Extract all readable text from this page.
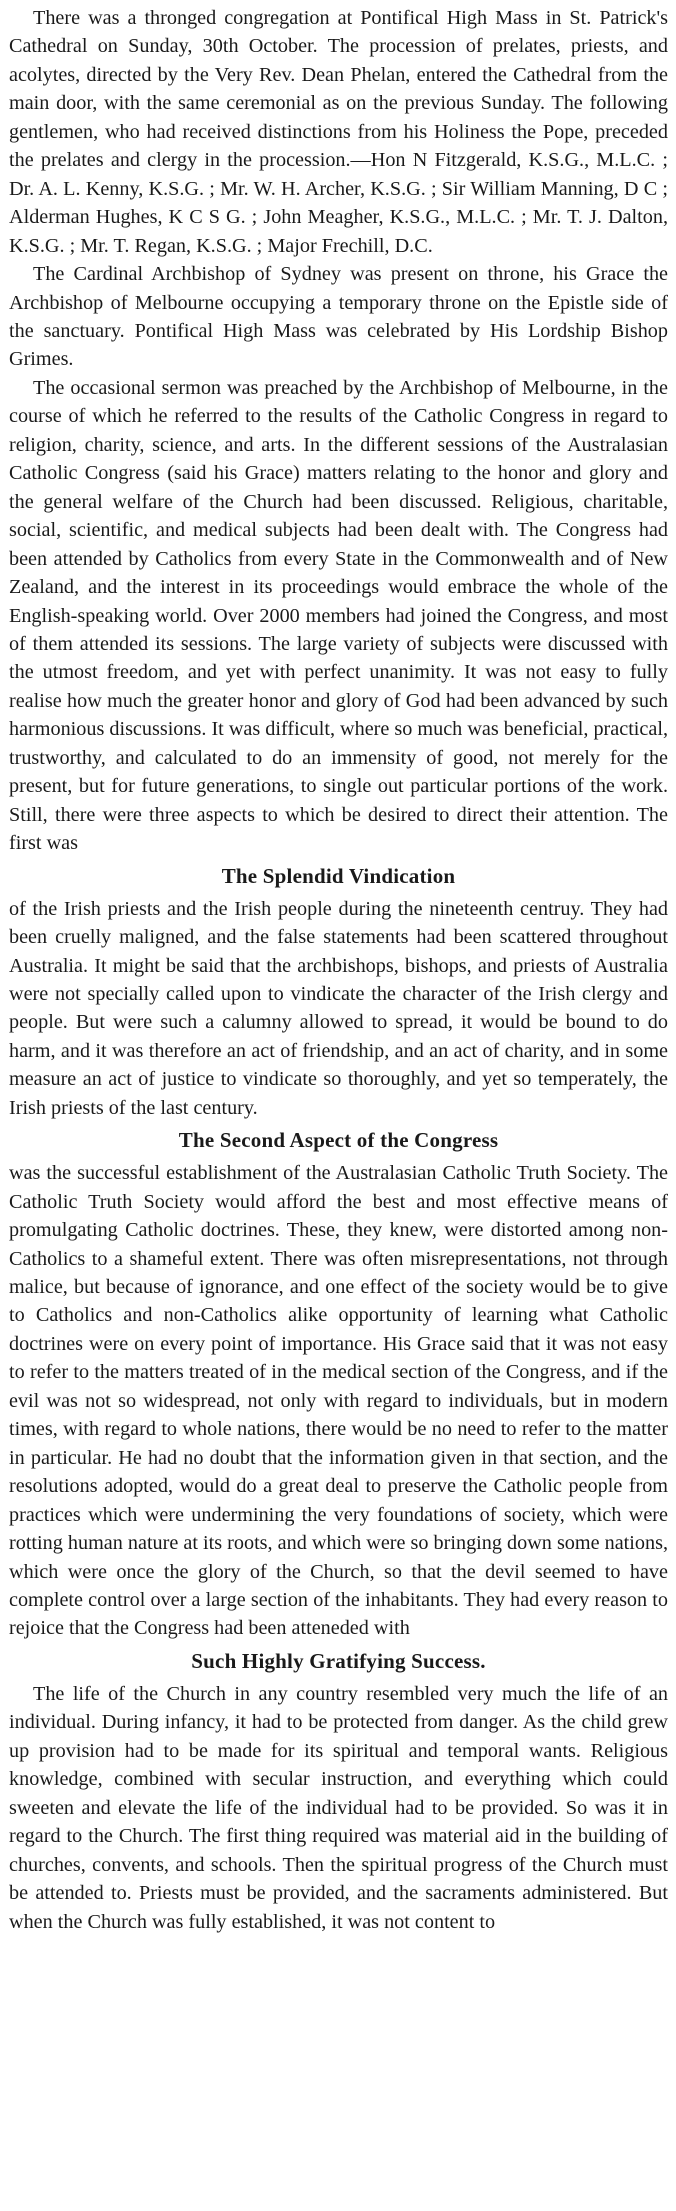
There was a thronged congregation at Pontifical High Mass in St. Patrick's Cathedral on Sunday, 30th October. The procession of prelates, priests, and acolytes, directed by the Very Rev. Dean Phelan, entered the Cathedral from the main door, with the same ceremonial as on the previous Sunday. The following gentlemen, who had received distinctions from his Holiness the Pope, preceded the prelates and clergy in the procession.—Hon N Fitzgerald, K.S.G., M.L.C. ; Dr. A. L. Kenny, K.S.G. ; Mr. W. H. Archer, K.S.G. ; Sir William Manning, D C ; Alderman Hughes, K C S G. ; John Meagher, K.S.G., M.L.C. ; Mr. T. J. Dalton, K.S.G. ; Mr. T. Regan, K.S.G. ; Major Frechill, D.C.

The Cardinal Archbishop of Sydney was present on throne, his Grace the Archbishop of Melbourne occupying a temporary throne on the Epistle side of the sanctuary. Pontifical High Mass was celebrated by His Lordship Bishop Grimes.

The occasional sermon was preached by the Archbishop of Melbourne, in the course of which he referred to the results of the Catholic Congress in regard to religion, charity, science, and arts. In the different sessions of the Australasian Catholic Congress (said his Grace) matters relating to the honor and glory and the general welfare of the Church had been discussed. Religious, charitable, social, scientific, and medical subjects had been dealt with. The Congress had been attended by Catholics from every State in the Commonwealth and of New Zealand, and the interest in its proceedings would embrace the whole of the English-speaking world. Over 2000 members had joined the Congress, and most of them attended its sessions. The large variety of subjects were discussed with the utmost freedom, and yet with perfect unanimity. It was not easy to fully realise how much the greater honor and glory of God had been advanced by such harmonious discussions. It was difficult, where so much was beneficial, practical, trustworthy, and calculated to do an immensity of good, not merely for the present, but for future generations, to single out particular portions of the work. Still, there were three aspects to which be desired to direct their attention. The first was

The Splendid Vindication

of the Irish priests and the Irish people during the nineteenth centruy. They had been cruelly maligned, and the false statements had been scattered throughout Australia. It might be said that the archbishops, bishops, and priests of Australia were not specially called upon to vindicate the character of the Irish clergy and people. But were such a calumny allowed to spread, it would be bound to do harm, and it was therefore an act of friendship, and an act of charity, and in some measure an act of justice to vindicate so thoroughly, and yet so temperately, the Irish priests of the last century.

The Second Aspect of the Congress

was the successful establishment of the Australasian Catholic Truth Society. The Catholic Truth Society would afford the best and most effective means of promulgating Catholic doctrines. These, they knew, were distorted among non-Catholics to a shameful extent. There was often misrepresentations, not through malice, but because of ignorance, and one effect of the society would be to give to Catholics and non-Catholics alike opportunity of learning what Catholic doctrines were on every point of importance. His Grace said that it was not easy to refer to the matters treated of in the medical section of the Congress, and if the evil was not so widespread, not only with regard to individuals, but in modern times, with regard to whole nations, there would be no need to refer to the matter in particular. He had no doubt that the information given in that section, and the resolutions adopted, would do a great deal to preserve the Catholic people from practices which were undermining the very foundations of society, which were rotting human nature at its roots, and which were so bringing down some nations, which were once the glory of the Church, so that the devil seemed to have complete control over a large section of the inhabitants. They had every reason to rejoice that the Congress had been atteneded with

Such Highly Gratifying Success.

The life of the Church in any country resembled very much the life of an individual. During infancy, it had to be protected from danger. As the child grew up provision had to be made for its spiritual and temporal wants. Religious knowledge, combined with secular instruction, and everything which could sweeten and elevate the life of the individual had to be provided. So was it in regard to the Church. The first thing required was material aid in the building of churches, convents, and schools. Then the spiritual progress of the Church must be attended to. Priests must be provided, and the sacraments administered. But when the Church was fully established, it was not content to
